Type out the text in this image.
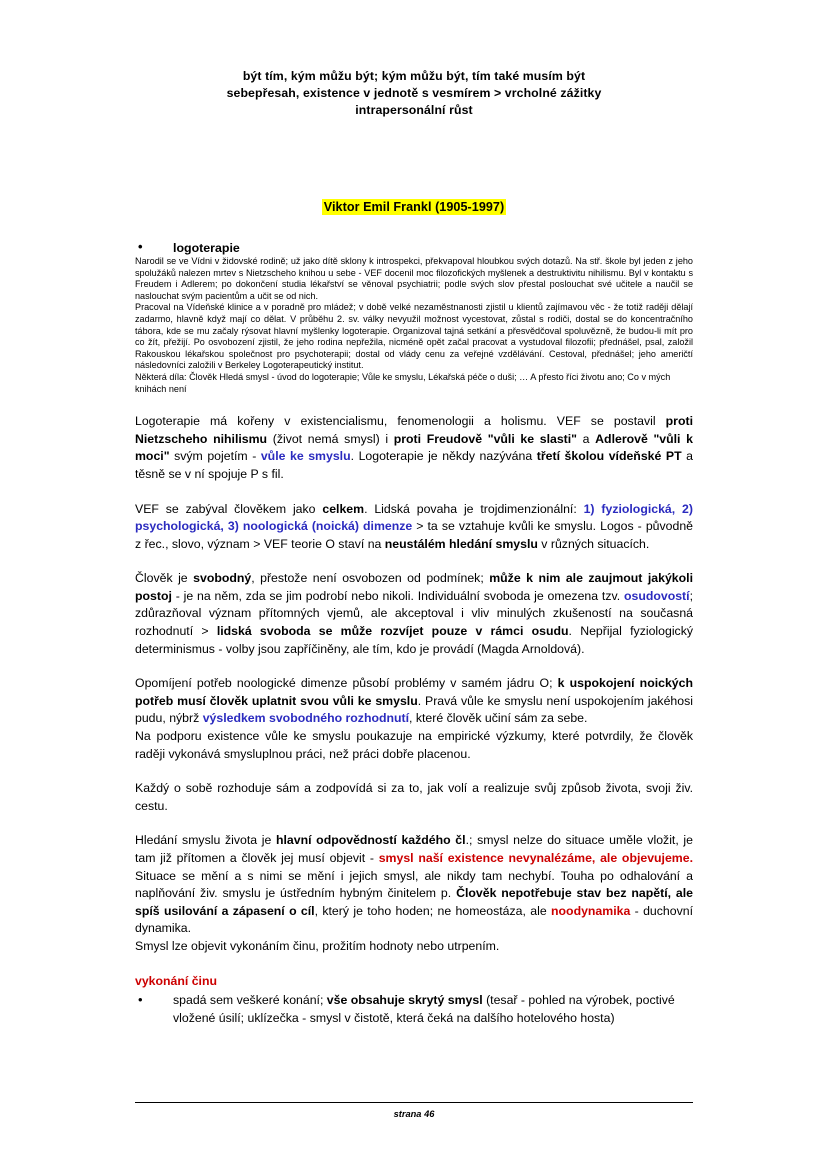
být tím, kým můžu být; kým můžu být, tím také musím být
sebepřesah, existence v jednotě s vesmírem > vrcholné zážitky
intrapersonální růst
Viktor Emil Frankl (1905-1997)
• logoterapie

Narodil se ve Vídni v židovské rodině; už jako dítě sklony k introspekci, překvapoval hloubkou svých dotazů. Na stř. škole byl jeden z jeho spolužáků nalezen mrtev s Nietzscheho knihou u sebe - VEF docenil moc filozofických myšlenek a destruktivitu nihilismu. Byl v kontaktu s Freudem i Adlerem; po dokončení studia lékařství se věnoval psychiatrii; podle svých slov přestal poslouchat své učitele a naučil se naslouchat svým pacientům a učit se od nich.

Pracoval na Vídeňské klinice a v poradně pro mládež; v době velké nezaměstnanosti zjistil u klientů zajímavou věc - že totiž raději dělají zadarmo, hlavně když mají co dělat. V průběhu 2. sv. války nevyužil možnost vycestovat, zůstal s rodiči, dostal se do koncentračního tábora, kde se mu začaly rýsovat hlavní myšlenky logoterapie. Organizoval tajná setkání a přesvědčoval spoluvězně, že budou-li mít pro co žít, přežijí. Po osvobození zjistil, že jeho rodina nepřežila, nicméně opět začal pracovat a vystudoval filozofii; přednášel, psal, založil Rakouskou lékařskou společnost pro psychoterapii; dostal od vlády cenu za veřejné vzdělávání. Cestoval, přednášel; jeho američtí následovníci založili v Berkeley Logoterapeutický institut.

Některá díla: Člověk Hledá smysl - úvod do logoterapie; Vůle ke smyslu, Lékařská péče o duši; … A přesto říci životu ano; Co v mých knihách není

Logoterapie má kořeny v existencialismu, fenomenologii a holismu. VEF se postavil proti Nietzscheho nihilismu (život nemá smysl) i proti Freudově "vůli ke slasti" a Adlerově "vůli k moci" svým pojetím - vůle ke smyslu. Logoterapie je někdy nazývána třetí školou vídeňské PT a těsně se v ní spojuje P s fil.

VEF se zabýval člověkem jako celkem. Lidská povaha je trojdimenzionální: 1) fyziologická, 2) psychologická, 3) noologická (noická) dimenze > ta se vztahuje kvůli ke smyslu. Logos - původně z řec., slovo, význam > VEF teorie O staví na neustálém hledání smyslu v různých situacích.

Člověk je svobodný, přestože není osvobozen od podmínek; může k nim ale zaujmout jakýkoli postoj - je na něm, zda se jim podrobí nebo nikoli. Individuální svoboda je omezena tzv. osudovostí; zdůrazňoval význam přítomných vjemů, ale akceptoval i vliv minulých zkušeností na současná rozhodnutí > lidská svoboda se může rozvíjet pouze v rámci osudu. Nepřijal fyziologický determinismus - volby jsou zapříčiněny, ale tím, kdo je provádí (Magda Arnoldová).

Opomíjení potřeb noologické dimenze působí problémy v samém jádru O; k uspokojení noických potřeb musí člověk uplatnit svou vůli ke smyslu. Pravá vůle ke smyslu není uspokojením jakéhosi pudu, nýbrž výsledkem svobodného rozhodnutí, které člověk učiní sám za sebe.

Na podporu existence vůle ke smyslu poukazuje na empirické výzkumy, které potvrdily, že člověk raději vykonává smysluplnou práci, než práci dobře placenou.

Každý o sobě rozhoduje sám a zodpovídá si za to, jak volí a realizuje svůj způsob života, svoji živ. cestu.

Hledání smyslu života je hlavní odpovědností každého čl.; smysl nelze do situace uměle vložit, je tam již přítomen a člověk jej musí objevit - smysl naší existence nevynalézáme, ale objevujeme. Situace se mění a s nimi se mění i jejich smysl, ale nikdy tam nechybí. Touha po odhalování a naplňování živ. smyslu je ústředním hybným činitelem p. Člověk nepotřebuje stav bez napětí, ale spíš usilování a zápasení o cíl, který je toho hoden; ne homeostáza, ale noodynamika - duchovní dynamika.

Smysl lze objevit vykonáním činu, prožitím hodnoty nebo utrpením.

vykonání činu
• spadá sem veškeré konání; vše obsahuje skrytý smysl (tesař - pohled na výrobek, poctivé vložené úsilí; uklízečka - smysl v čistotě, která čeká na dalšího hotelového hosta)
strana 46
